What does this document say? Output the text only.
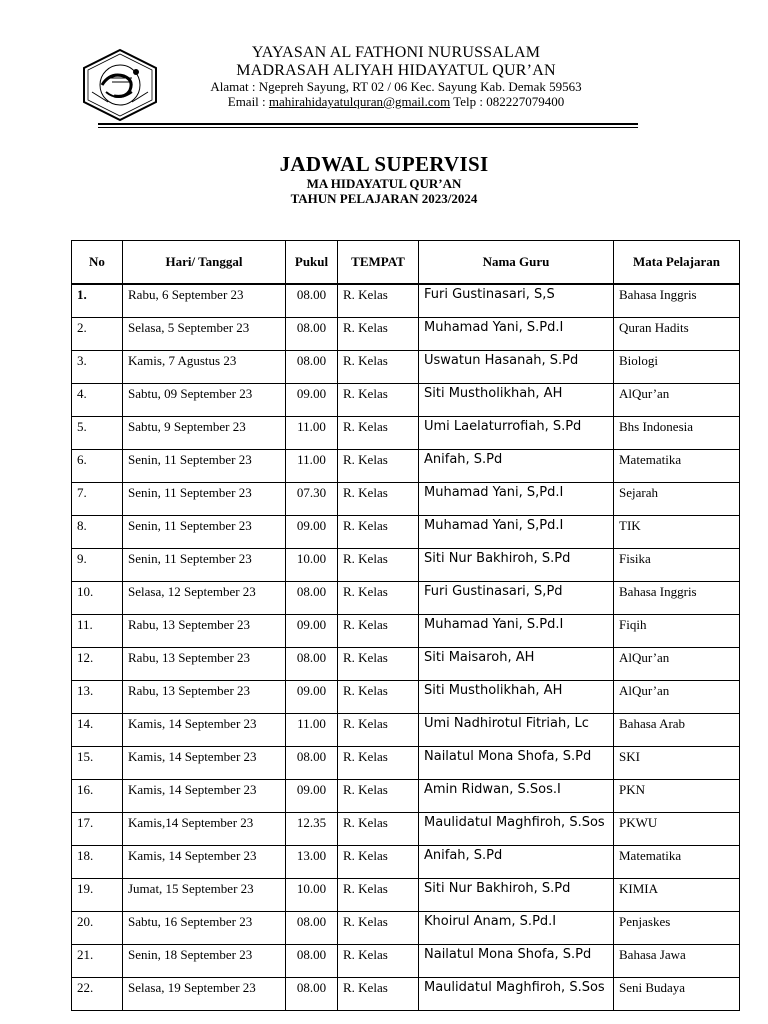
YAYASAN AL FATHONI NURUSSALAM
MADRASAH ALIYAH HIDAYATUL QUR’AN
Alamat : Ngepreh Sayung, RT 02 / 06 Kec. Sayung Kab. Demak 59563
Email : mahirahidayatulquran@gmail.com Telp : 082227079400
JADWAL SUPERVISI
MA HIDAYATUL QUR’AN
TAHUN PELAJARAN 2023/2024
No	Hari/ Tanggal	Pukul	TEMPAT	Nama Guru	Mata Pelajaran
1.	Rabu, 6 September 23	08.00	R. Kelas	Furi Gustinasari, S,S	Bahasa Inggris
2.	Selasa, 5 September 23	08.00	R. Kelas	Muhamad Yani, S.Pd.I	Quran Hadits
3.	Kamis, 7 Agustus 23	08.00	R. Kelas	Uswatun Hasanah, S.Pd	Biologi
4.	Sabtu, 09 September 23	09.00	R. Kelas	Siti Mustholikhah, AH	AlQur’an
5.	Sabtu, 9 September 23	11.00	R. Kelas	Umi Laelaturrofiah, S.Pd	Bhs Indonesia
6.	Senin, 11 September 23	11.00	R. Kelas	Anifah, S.Pd	Matematika
7.	Senin, 11 September 23	07.30	R. Kelas	Muhamad Yani, S,Pd.I	Sejarah
8.	Senin, 11 September 23	09.00	R. Kelas	Muhamad Yani, S,Pd.I	TIK
9.	Senin, 11 September 23	10.00	R. Kelas	Siti Nur Bakhiroh, S.Pd	Fisika
10.	Selasa, 12 September 23	08.00	R. Kelas	Furi Gustinasari, S,Pd	Bahasa Inggris
11.	Rabu, 13 September 23	09.00	R. Kelas	Muhamad Yani, S.Pd.I	Fiqih
12.	Rabu, 13 September 23	08.00	R. Kelas	Siti Maisaroh, AH	AlQur’an
13.	Rabu, 13 September 23	09.00	R. Kelas	Siti Mustholikhah, AH	AlQur’an
14.	Kamis, 14 September 23	11.00	R. Kelas	Umi Nadhirotul Fitriah, Lc	Bahasa Arab
15.	Kamis, 14 September 23	08.00	R. Kelas	Nailatul Mona Shofa, S.Pd	SKI
16.	Kamis, 14 September 23	09.00	R. Kelas	Amin Ridwan, S.Sos.I	PKN
17.	Kamis,14 September 23	12.35	R. Kelas	Maulidatul Maghfiroh, S.Sos	PKWU
18.	Kamis, 14 September 23	13.00	R. Kelas	Anifah, S.Pd	Matematika
19.	Jumat, 15 September 23	10.00	R. Kelas	Siti Nur Bakhiroh, S.Pd	KIMIA
20.	Sabtu, 16 September 23	08.00	R. Kelas	Khoirul Anam, S.Pd.I	Penjaskes
21.	Senin, 18 September 23	08.00	R. Kelas	Nailatul Mona Shofa, S.Pd	Bahasa Jawa
22.	Selasa, 19 September 23	08.00	R. Kelas	Maulidatul Maghfiroh, S.Sos	Seni Budaya
